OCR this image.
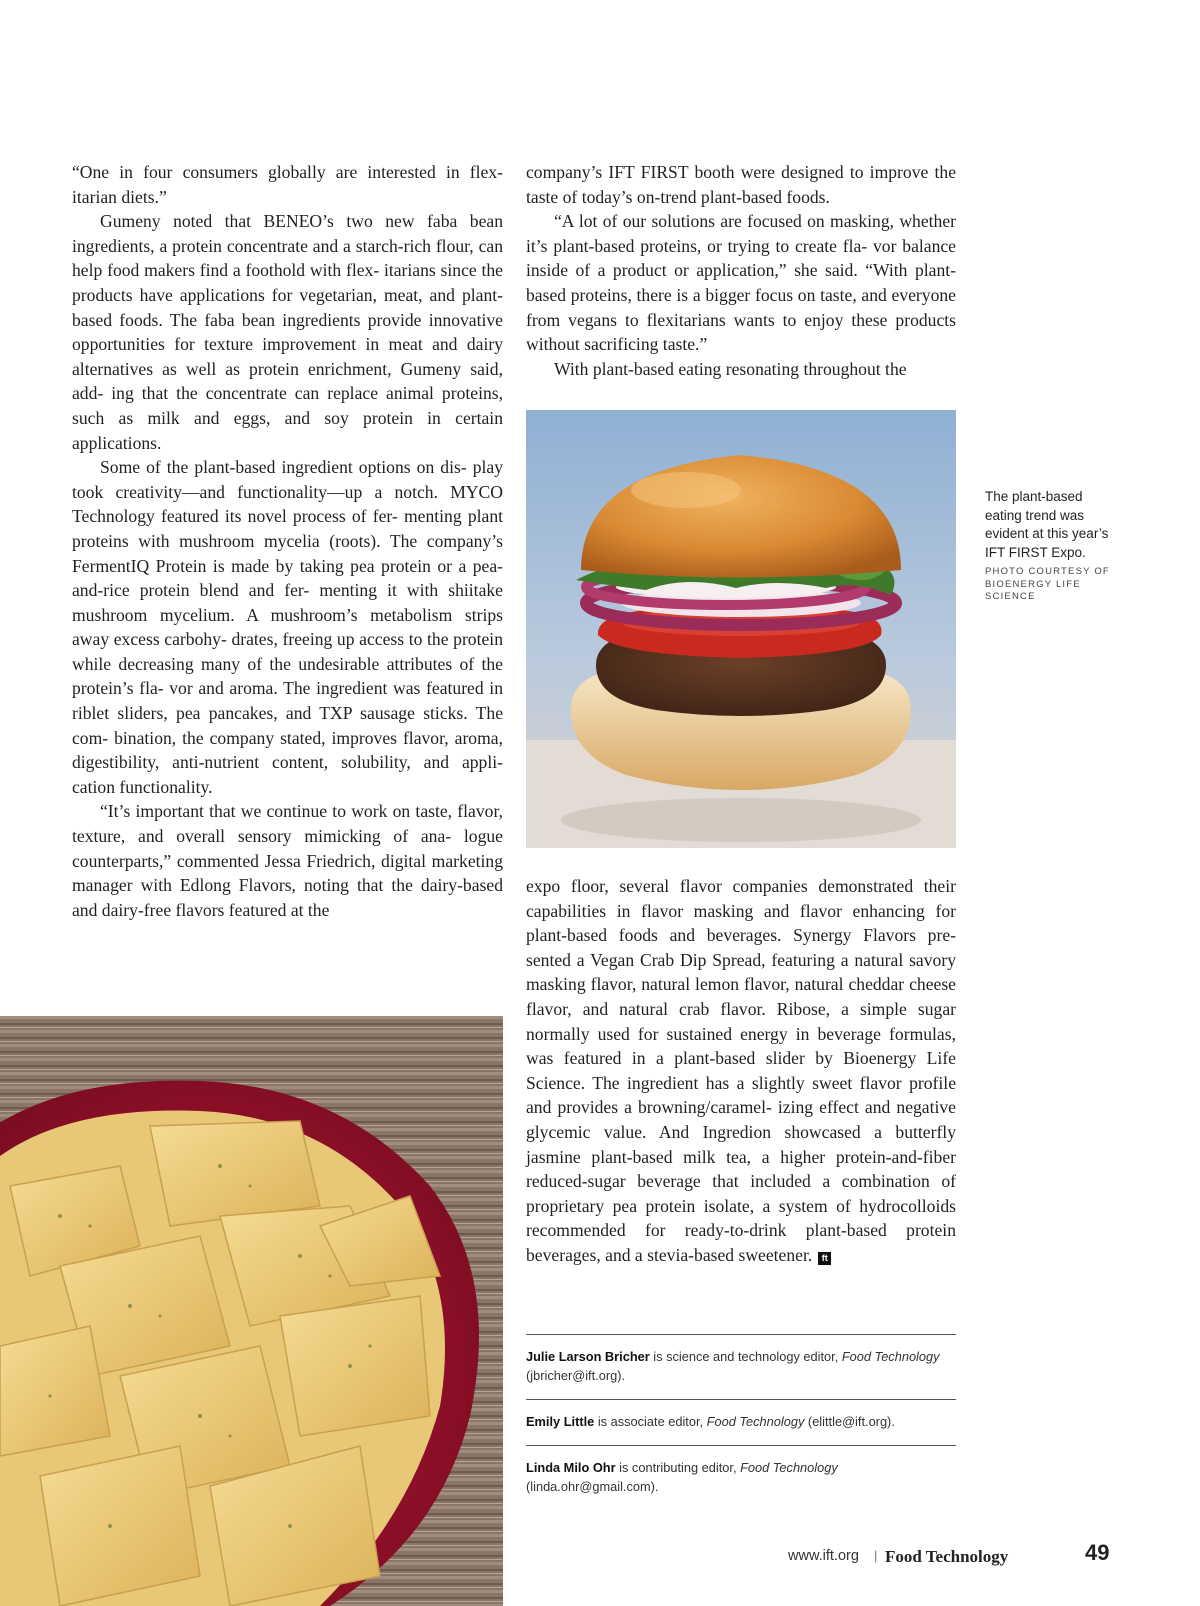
“One in four consumers globally are interested in flex- itarian diets.”

Gumeny noted that BENEO’s two new faba bean ingredients, a protein concentrate and a starch-rich flour, can help food makers find a foothold with flex- itarians since the products have applications for vegetarian, meat, and plant-based foods. The faba bean ingredients provide innovative opportunities for texture improvement in meat and dairy alternatives as well as protein enrichment, Gumeny said, add- ing that the concentrate can replace animal proteins, such as milk and eggs, and soy protein in certain applications.

Some of the plant-based ingredient options on dis- play took creativity—and functionality—up a notch. MYCO Technology featured its novel process of fer- menting plant proteins with mushroom mycelia (roots). The company’s FermentIQ Protein is made by taking pea protein or a pea-and-rice protein blend and fer- menting it with shiitake mushroom mycelium. A mushroom’s metabolism strips away excess carbohy- drates, freeing up access to the protein while decreasing many of the undesirable attributes of the protein’s fla- vor and aroma. The ingredient was featured in riblet sliders, pea pancakes, and TXP sausage sticks. The com- bination, the company stated, improves flavor, aroma, digestibility, anti-nutrient content, solubility, and appli- cation functionality.

“It’s important that we continue to work on taste, flavor, texture, and overall sensory mimicking of ana- logue counterparts,” commented Jessa Friedrich, digital marketing manager with Edlong Flavors, noting that the dairy-based and dairy-free flavors featured at the

company’s IFT FIRST booth were designed to improve the taste of today’s on-trend plant-based foods.

“A lot of our solutions are focused on masking, whether it’s plant-based proteins, or trying to create fla- vor balance inside of a product or application,” she said. “With plant-based proteins, there is a bigger focus on taste, and everyone from vegans to flexitarians wants to enjoy these products without sacrificing taste.”

With plant-based eating resonating throughout the

The plant-based eating trend was evident at this year’s IFT FIRST Expo.
PHOTO COURTESY OF BIOENERGY LIFE SCIENCE

expo floor, several flavor companies demonstrated their capabilities in flavor masking and flavor enhancing for plant-based foods and beverages. Synergy Flavors pre- sented a Vegan Crab Dip Spread, featuring a natural savory masking flavor, natural lemon flavor, natural cheddar cheese flavor, and natural crab flavor. Ribose, a simple sugar normally used for sustained energy in beverage formulas, was featured in a plant-based slider by Bioenergy Life Science. The ingredient has a slightly sweet flavor profile and provides a browning/caramel- izing effect and negative glycemic value. And Ingredion showcased a butterfly jasmine plant-based milk tea, a higher protein-and-fiber reduced-sugar beverage that included a combination of proprietary pea protein isolate, a system of hydrocolloids recommended for ready-to-drink plant-based protein beverages, and a stevia-based sweetener. ft

Julie Larson Bricher is science and technology editor, Food Technology (jbricher@ift.org).
Emily Little is associate editor, Food Technology (elittle@ift.org).
Linda Milo Ohr is contributing editor, Food Technology (linda.ohr@gmail.com).
www.ift.org | Food Technology	49
